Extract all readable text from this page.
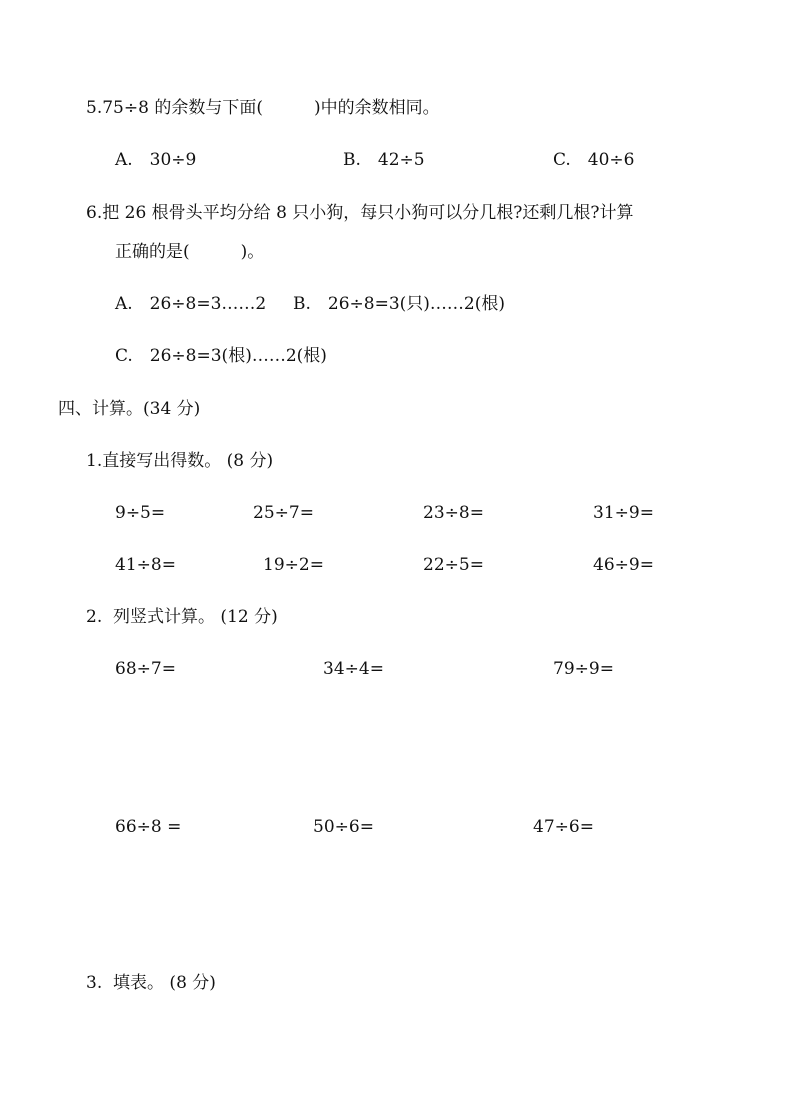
5.75÷8 的余数与下面(　　　)中的余数相同。
A.　30÷9	B.　42÷5	C.　40÷6
6.把 26 根骨头平均分给 8 只小狗，每只小狗可以分几根?还剩几根?计算
正确的是(　　　)。
A.　26÷8=3……2 B.　26÷8=3(只)……2(根)
C.　26÷8=3(根)……2(根)
四、计算。(34 分)
1.直接写出得数。 (8 分)
9÷5=	25÷7=	23÷8=	31÷9=
41÷8=	19÷2=	22÷5=	46÷9=
2.  列竖式计算。 (12 分)
68÷7=	34÷4=	79÷9=
66÷8 =	50÷6=	47÷6=
3.  填表。 (8 分)
